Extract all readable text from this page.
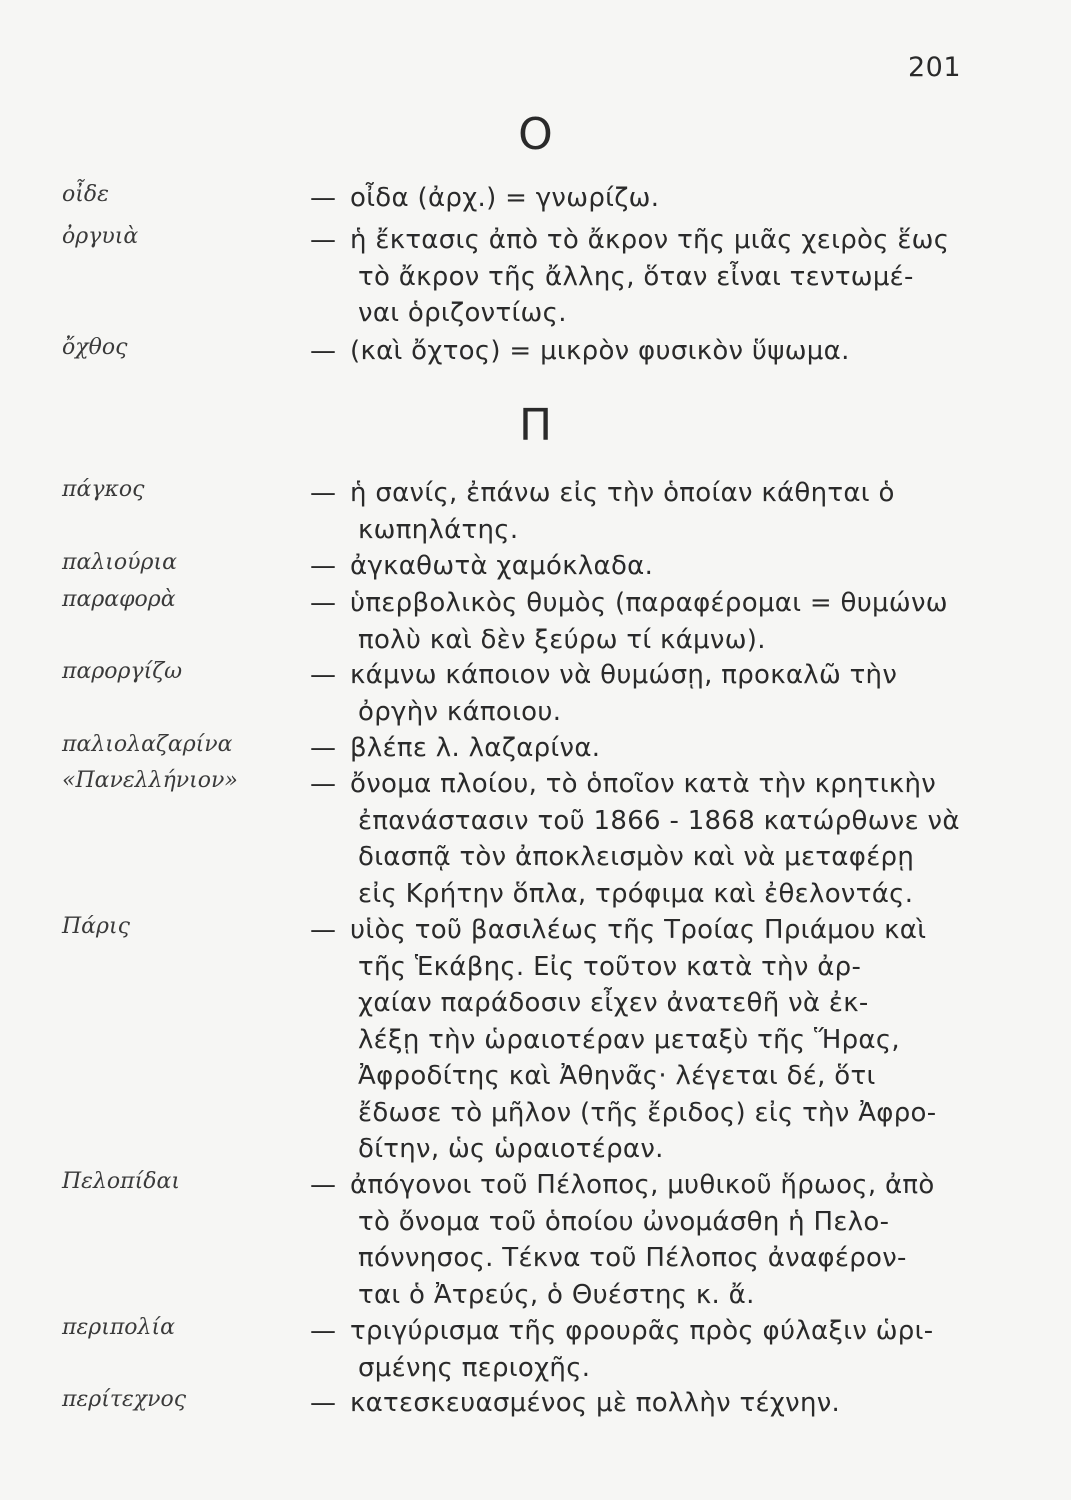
201
Ο
οἶδε	— οἶδα (ἀρχ.) = γνωρίζω.
ὀργυιὰ	— ἡ ἔκτασις ἀπὸ τὸ ἄκρον τῆς μιᾶς χειρὸς ἕως
τὸ ἄκρον τῆς ἄλλης, ὅταν εἶναι τεντωμέ-
ναι ὁριζοντίως.
ὄχθος	— (καὶ ὄχτος) = μικρὸν φυσικὸν ὕψωμα.
Π
πάγκος	— ἡ σανίς, ἐπάνω εἰς τὴν ὁποίαν κάθηται ὁ
κωπηλάτης.
παλιούρια	— ἀγκαθωτὰ χαμόκλαδα.
παραφορὰ	— ὑπερβολικὸς θυμὸς (παραφέρομαι = θυμώνω
πολὺ καὶ δὲν ξεύρω τί κάμνω).
παροργίζω	— κάμνω κάποιον νὰ θυμώσῃ, προκαλῶ τὴν
ὀργὴν κάποιου.
παλιολαζαρίνα	— βλέπε λ. λαζαρίνα.
«Πανελλήνιον»	— ὄνομα πλοίου, τὸ ὁποῖον κατὰ τὴν κρητικὴν
ἐπανάστασιν τοῦ 1866 - 1868 κατώρθωνε νὰ
διασπᾷ τὸν ἀποκλεισμὸν καὶ νὰ μεταφέρῃ
εἰς Κρήτην ὅπλα, τρόφιμα καὶ ἐθελοντάς.
Πάρις	— υἱὸς τοῦ βασιλέως τῆς Τροίας Πριάμου καὶ
τῆς Ἑκάβης. Εἰς τοῦτον κατὰ τὴν ἀρ-
χαίαν παράδοσιν εἶχεν ἀνατεθῆ νὰ ἐκ-
λέξῃ τὴν ὡραιοτέραν μεταξὺ τῆς Ἥρας,
Ἀφροδίτης καὶ Ἀθηνᾶς· λέγεται δέ, ὅτι
ἔδωσε τὸ μῆλον (τῆς ἔριδος) εἰς τὴν Ἀφρο-
δίτην, ὡς ὡραιοτέραν.
Πελοπίδαι	— ἀπόγονοι τοῦ Πέλοπος, μυθικοῦ ἥρωος, ἀπὸ
τὸ ὄνομα τοῦ ὁποίου ὠνομάσθη ἡ Πελο-
πόννησος. Τέκνα τοῦ Πέλοπος ἀναφέρον-
ται ὁ Ἀτρεύς, ὁ Θυέστης κ. ἄ.
περιπολία	— τριγύρισμα τῆς φρουρᾶς πρὸς φύλαξιν ὡρι-
σμένης περιοχῆς.
περίτεχνος	— κατεσκευασμένος μὲ πολλὴν τέχνην.
